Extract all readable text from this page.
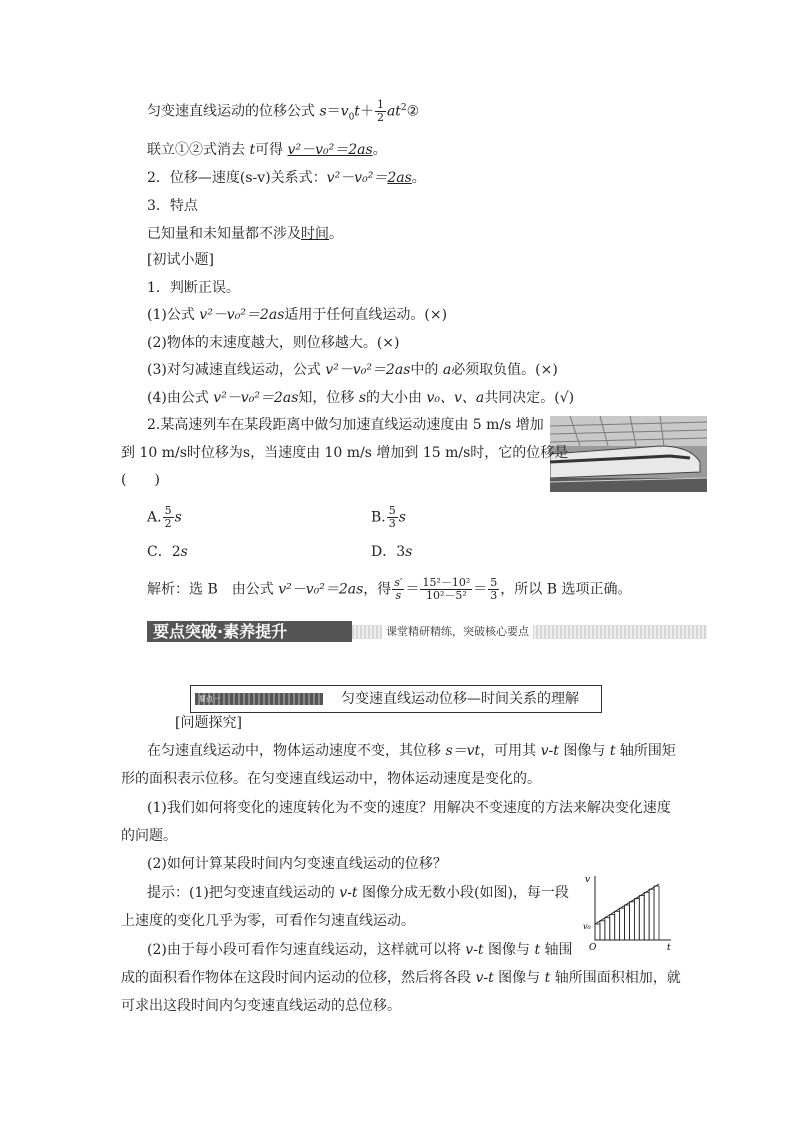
匀变速直线运动的位移公式 $s=v_0t+ \frac{1}{2}$ $at^2②$
联立①②式消去 t可得 v²－v₀²＝2as。
2．位移—速度(s-v)关系式：v²－v₀²＝2as。
3．特点
已知量和未知量都不涉及时间。
[初试小题]
1．判断正误。
(1)公式 v²－v₀²＝2as适用于任何直线运动。(×)
(2)物体的末速度越大，则位移越大。(×)
(3)对匀减速直线运动，公式 v²－v₀²＝2as中的 a必须取负值。(×)
(4)由公式 v²－v₀²＝2as知，位移 s的大小由 v₀、v、a共同决定。(√)
2.某高速列车在某段距离中做匀加速直线运动速度由 5 m/s 增加
到 10 m/s时位移为s，当速度由 10 m/s 增加到 15 m/s时，它的位移是
(　　)
A. $\frac{5}{2}$ s	B. $\frac{5}{3}$ s
C．2s	D．3s
解析：选 B　由公式 v²－v₀²＝2as，得 $\frac{s'}{s} = \frac{\text{15²－10²}}{\text{10²－5²}} = \frac{5}{3}$ ，所以 B 选项正确。
要点突破·素养提升	课堂精研精练，突破核心要点
要点一	匀变速直线运动位移—时间关系的理解
[问题探究]
在匀速直线运动中，物体运动速度不变，其位移 s＝vt，可用其 v-t 图像与 t 轴所围矩
形的面积表示位移。在匀变速直线运动中，物体运动速度是变化的。
(1)我们如何将变化的速度转化为不变的速度？用解决不变速度的方法来解决变化速度
的问题。
(2)如何计算某段时间内匀变速直线运动的位移？
提示：(1)把匀变速直线运动的 v-t 图像分成无数小段(如图)，每一段
上速度的变化几乎为零，可看作匀速直线运动。
(2)由于每小段可看作匀速直线运动，这样就可以将 v-t 图像与 t 轴围
成的面积看作物体在这段时间内运动的位移，然后将各段 v-t 图像与 t 轴所围面积相加，就
可求出这段时间内匀变速直线运动的总位移。
v
v₀
O	t
